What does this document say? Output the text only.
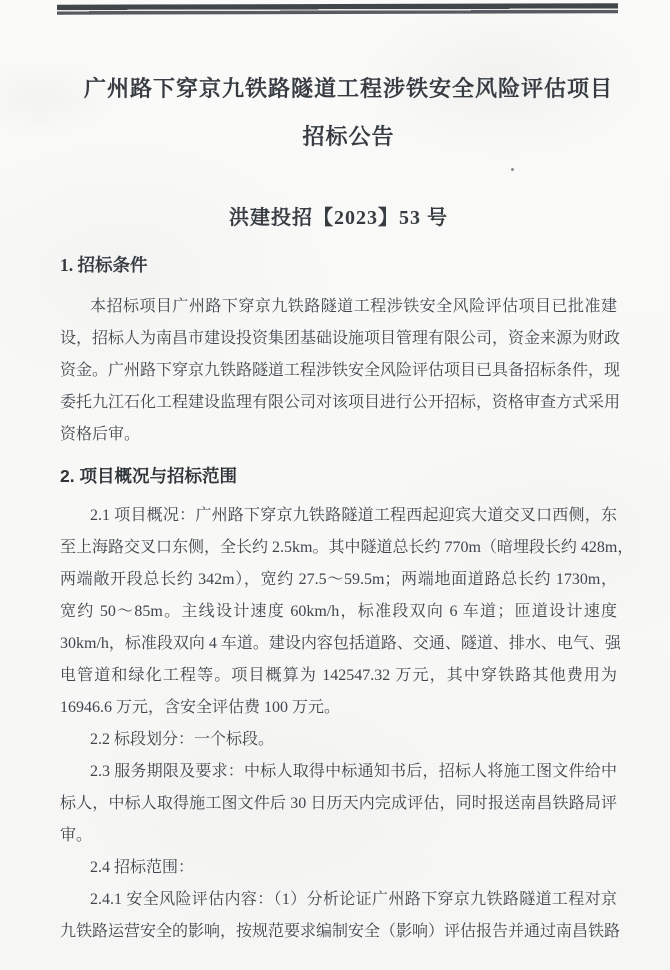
广州路下穿京九铁路隧道工程涉铁安全风险评估项目
招标公告
洪建投招【2023】53 号
1. 招标条件
本招标项目广州路下穿京九铁路隧道工程涉铁安全风险评估项目已批准建
设，招标人为南昌市建设投资集团基础设施项目管理有限公司，资金来源为财政
资金。广州路下穿京九铁路隧道工程涉铁安全风险评估项目已具备招标条件，现
委托九江石化工程建设监理有限公司对该项目进行公开招标，资格审查方式采用
资格后审。
2. 项目概况与招标范围
2.1 项目概况：广州路下穿京九铁路隧道工程西起迎宾大道交叉口西侧，东
至上海路交叉口东侧，全长约 2.5km。其中隧道总长约 770m（暗埋段长约 428m，
两端敞开段总长约 342m），宽约 27.5～59.5m；两端地面道路总长约 1730m，
宽约 50～85m。主线设计速度 60km/h，标准段双向 6 车道；匝道设计速度
30km/h，标准段双向 4 车道。建设内容包括道路、交通、隧道、排水、电气、强
电管道和绿化工程等。项目概算为 142547.32 万元，其中穿铁路其他费用为
16946.6 万元，含安全评估费 100 万元。
2.2 标段划分：一个标段。
2.3 服务期限及要求：中标人取得中标通知书后，招标人将施工图文件给中
标人，中标人取得施工图文件后 30 日历天内完成评估，同时报送南昌铁路局评
审。
2.4 招标范围：
2.4.1 安全风险评估内容：（1）分析论证广州路下穿京九铁路隧道工程对京
九铁路运营安全的影响，按规范要求编制安全（影响）评估报告并通过南昌铁路
